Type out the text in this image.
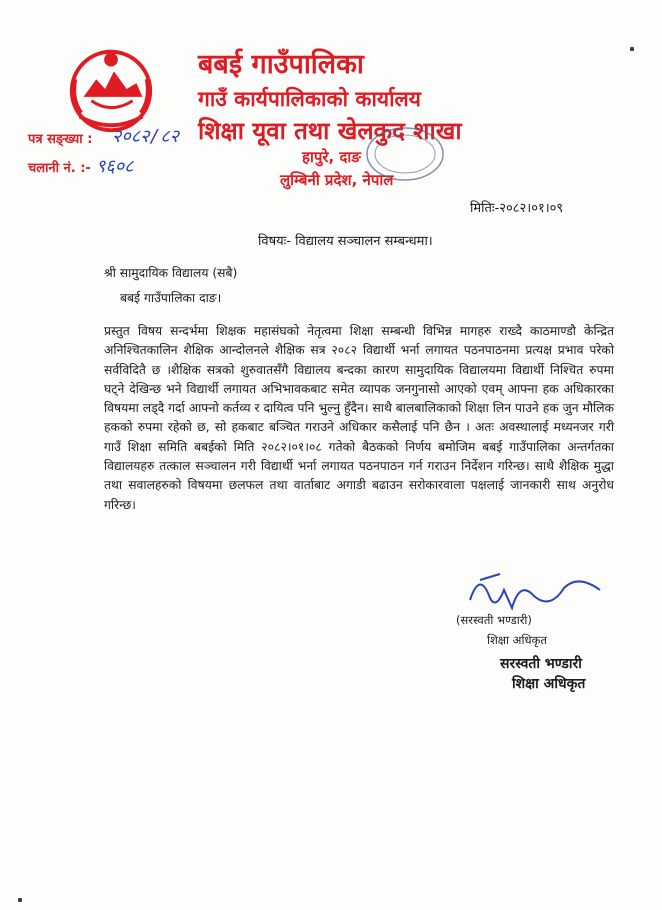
बबई गाउँपालिका
गाउँ कार्यपालिकाको कार्यालय
शिक्षा यूवा तथा खेलकुद शाखा
हापुरे, दाङ
लुम्बिनी प्रदेश, नेपाल
पत्र सङ्ख्या : २०८२/८२
चलानी नं. :- ९६०८
मितिः-२०८२।०१।०९
विषयः- विद्यालय सञ्चालन सम्बन्धमा।
श्री सामुदायिक विद्यालय (सबै)
बबई गाउँपालिका दाङ।
प्रस्तुत विषय सन्दर्भमा शिक्षक महासंघको नेतृत्वमा शिक्षा सम्बन्धी विभिन्न मागहरु राख्दै काठमाण्डौ केन्द्रित अनिश्चितकालिन शैक्षिक आन्दोलनले शैक्षिक सत्र २०८२ विद्यार्थी भर्ना लगायत पठनपाठनमा प्रत्यक्ष प्रभाव परेको सर्वविदितै छ ।शैक्षिक सत्रको शुरुवातसँगै विद्यालय बन्दका कारण सामुदायिक विद्यालयमा विद्यार्थी निश्चित रुपमा घट्ने देखिन्छ भने विद्यार्थी लगायत अभिभावकबाट समेत व्यापक जनगुनासो आएको एवम् आफ्ना हक अधिकारका विषयमा लड्दै गर्दा आफ्नो कर्तव्य र दायित्व पनि भुल्नु हुँदैन। साथै बालबालिकाको शिक्षा लिन पाउने हक जुन मौलिक हकको रुपमा रहेको छ, सो हकबाट बञ्चित गराउने अधिकार कसैलाई पनि छैन । अतः अवस्थालाई मध्यनजर गरी गाउँ शिक्षा समिति बबईको मिति २०८२।०१।०८ गतेको बैठकको निर्णय बमोजिम बबई गाउँपालिका अन्तर्गतका विद्यालयहरु तत्काल सञ्चालन गरी विद्यार्थी भर्ना लगायत पठनपाठन गर्न गराउन निर्देशन गरिन्छ। साथै शैक्षिक मुद्धा तथा सवालहरुको विषयमा छलफल तथा वार्ताबाट अगाडी बढाउन सरोकारवाला पक्षलाई जानकारी साथ अनुरोध गरिन्छ।
(सरस्वती भण्डारी)
शिक्षा अधिकृत
सरस्वती भण्डारी
शिक्षा अधिकृत
